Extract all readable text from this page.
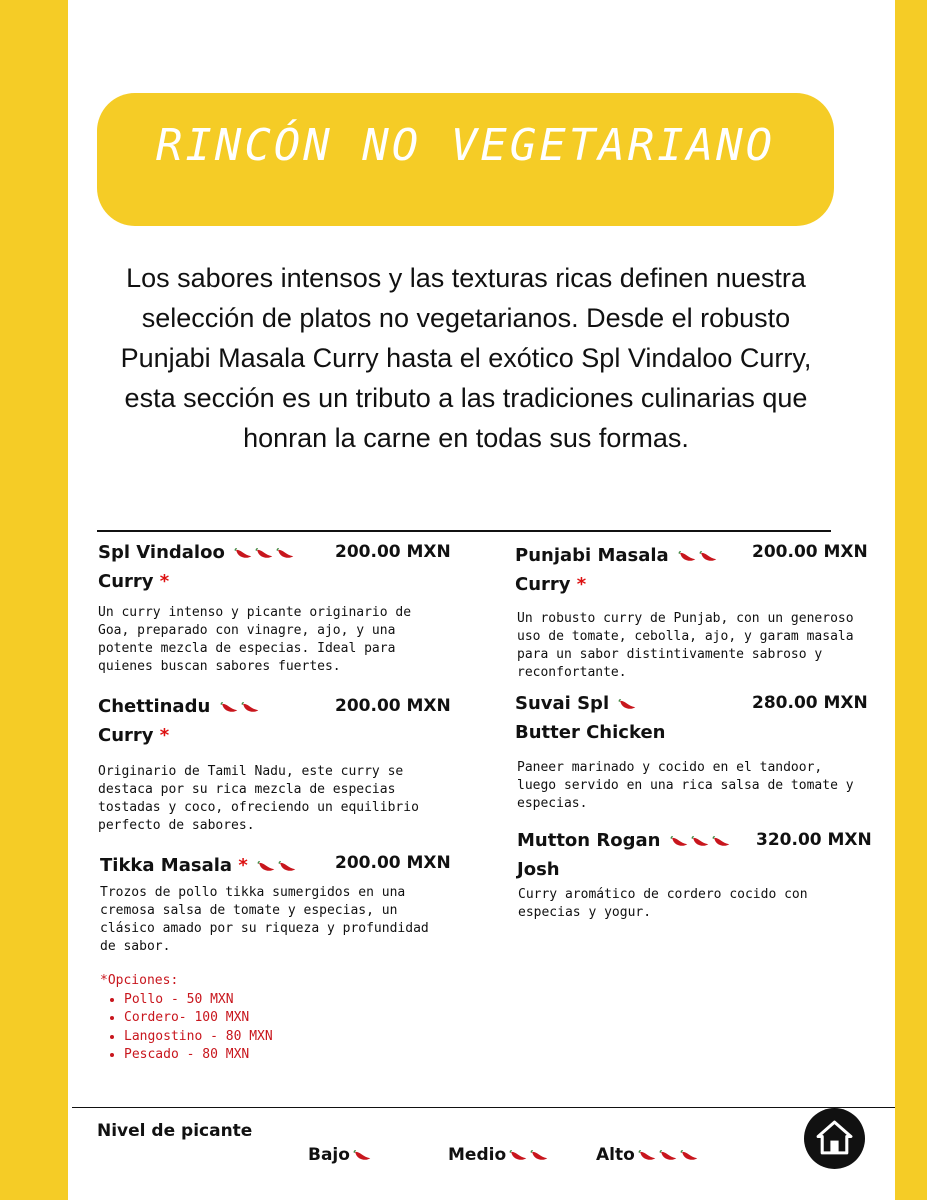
RINCÓN NO VEGETARIANO
Los sabores intensos y las texturas ricas definen nuestra selección de platos no vegetarianos. Desde el robusto Punjabi Masala Curry hasta el exótico Spl Vindaloo Curry, esta sección es un tributo a las tradiciones culinarias que honran la carne en todas sus formas.
Spl Vindaloo
Curry *
200.00 MXN
Un curry intenso y picante originario de Goa, preparado con vinagre, ajo, y una potente mezcla de especias. Ideal para quienes buscan sabores fuertes.
Chettinadu
Curry *
200.00 MXN
Originario de Tamil Nadu, este curry se destaca por su rica mezcla de especias tostadas y coco, ofreciendo un equilibrio perfecto de sabores.
Tikka Masala *	200.00 MXN
Trozos de pollo tikka sumergidos en una cremosa salsa de tomate y especias, un clásico amado por su riqueza y profundidad de sabor.
*Opciones:
• Pollo - 50 MXN
• Cordero- 100 MXN
• Langostino - 80 MXN
• Pescado - 80 MXN
Punjabi Masala
Curry *
200.00 MXN
Un robusto curry de Punjab, con un generoso uso de tomate, cebolla, ajo, y garam masala para un sabor distintivamente sabroso y reconfortante.
Suvai Spl
Butter Chicken
280.00 MXN
Paneer marinado y cocido en el tandoor, luego servido en una rica salsa de tomate y especias.
Mutton Rogan
Josh
320.00 MXN
Curry aromático de cordero cocido con especias y yogur.
Nivel de picante
Bajo	Medio	Alto
